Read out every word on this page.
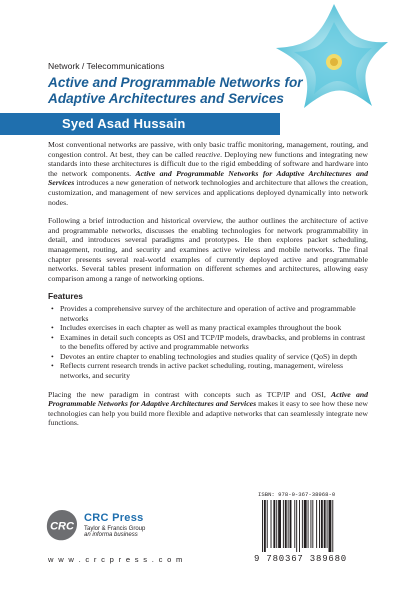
Network / Telecommunications
Active and Programmable Networks for Adaptive Architectures and Services
Syed Asad Hussain

Most conventional networks are passive, with only basic traffic monitoring, management, routing, and congestion control. At best, they can be called reactive. Deploying new functions and integrating new standards into these architectures is difficult due to the rigid embedding of software and hardware into the network components. Active and Programmable Networks for Adaptive Architectures and Services introduces a new generation of network technologies and architecture that allows the creation, customization, and management of new services and applications deployed dynamically into network nodes.

Following a brief introduction and historical overview, the author outlines the architecture of active and programmable networks, discusses the enabling technologies for network programmability in detail, and introduces several paradigms and prototypes. He then explores packet scheduling, management, routing, and security and examines active wireless and mobile networks. The final chapter presents several real-world examples of currently deployed active and programmable networks. Several tables present information on different schemes and architectures, allowing easy comparison among a range of networking options.

Features
• Provides a comprehensive survey of the architecture and operation of active and programmable networks
• Includes exercises in each chapter as well as many practical examples throughout the book
• Examines in detail such concepts as OSI and TCP/IP models, drawbacks, and problems in contrast to the benefits offered by active and programmable networks
• Devotes an entire chapter to enabling technologies and studies quality of service (QoS) in depth
• Reflects current research trends in active packet scheduling, routing, management, wireless networks, and security

Placing the new paradigm in contrast with concepts such as TCP/IP and OSI, Active and Programmable Networks for Adaptive Architectures and Services makes it easy to see how these new technologies can help you build more flexible and adaptive networks that can seamlessly integrate new functions.

CRC
CRC Press
Taylor & Francis Group
an informa business
w w w . c r c p r e s s . c o m
ISBN: 978-0-367-38968-0
9 780367 389680
